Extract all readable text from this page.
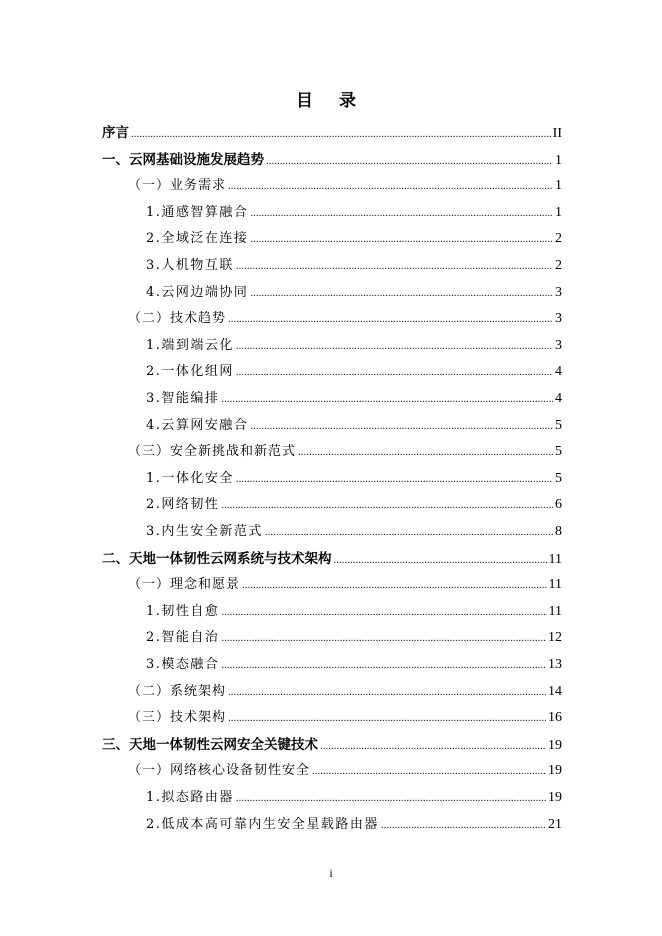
目 录
序言 .....	II
一、云网基础设施发展趋势 .....	1
（一）业务需求 .....	1
1.通感智算融合 .....	1
2.全域泛在连接 .....	2
3.人机物互联 .....	2
4.云网边端协同 .....	3
（二）技术趋势 .....	3
1.端到端云化 .....	3
2.一体化组网 .....	4
3.智能编排 .....	4
4.云算网安融合 .....	5
（三）安全新挑战和新范式 .....	5
1.一体化安全 .....	5
2.网络韧性 .....	6
3.内生安全新范式 .....	8
二、天地一体韧性云网系统与技术架构 .....	11
（一）理念和愿景 .....	11
1.韧性自愈 .....	11
2.智能自治 .....	12
3.模态融合 .....	13
（二）系统架构 .....	14
（三）技术架构 .....	16
三、天地一体韧性云网安全关键技术 .....	19
（一）网络核心设备韧性安全 .....	19
1.拟态路由器 .....	19
2.低成本高可靠内生安全星载路由器 .....	21
i
